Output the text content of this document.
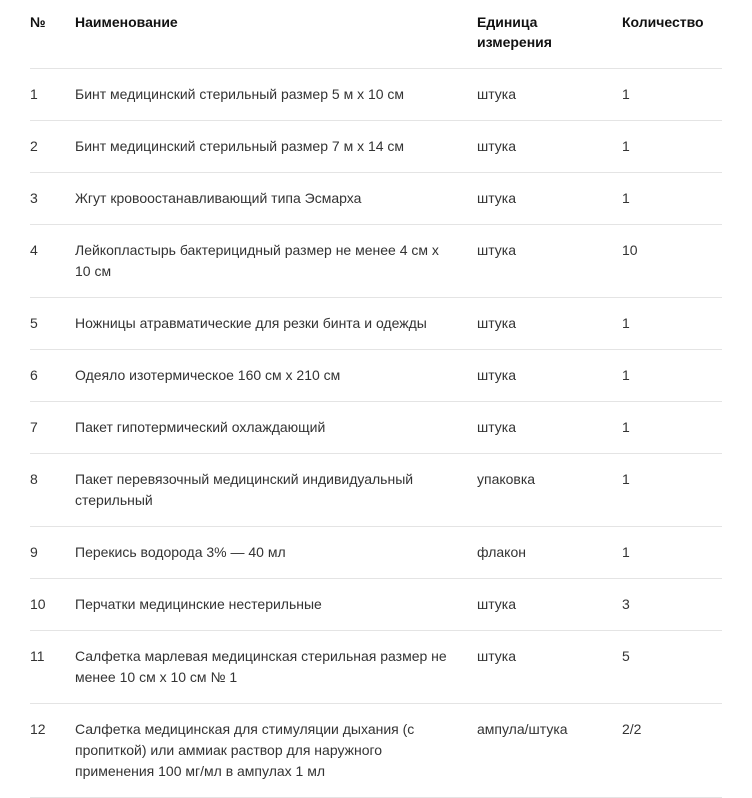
№	Наименование	Единица измерения	Количество
1	Бинт медицинский стерильный размер 5 м х 10 см	штука	1
2	Бинт медицинский стерильный размер 7 м х 14 см	штука	1
3	Жгут кровоостанавливающий типа Эсмарха	штука	1
4	Лейкопластырь бактерицидный размер не менее 4 см х 10 см	штука	10
5	Ножницы атравматические для резки бинта и одежды	штука	1
6	Одеяло изотермическое 160 см х 210 см	штука	1
7	Пакет гипотермический охлаждающий	штука	1
8	Пакет перевязочный медицинский индивидуальный стерильный	упаковка	1
9	Перекись водорода 3% — 40 мл	флакон	1
10	Перчатки медицинские нестерильные	штука	3
11	Салфетка марлевая медицинская стерильная размер не менее 10 см х 10 см № 1	штука	5
12	Салфетка медицинская для стимуляции дыхания (с пропиткой) или аммиак раствор для наружного применения 100 мг/мл в ампулах 1 мл	ампула/штука	2/2
